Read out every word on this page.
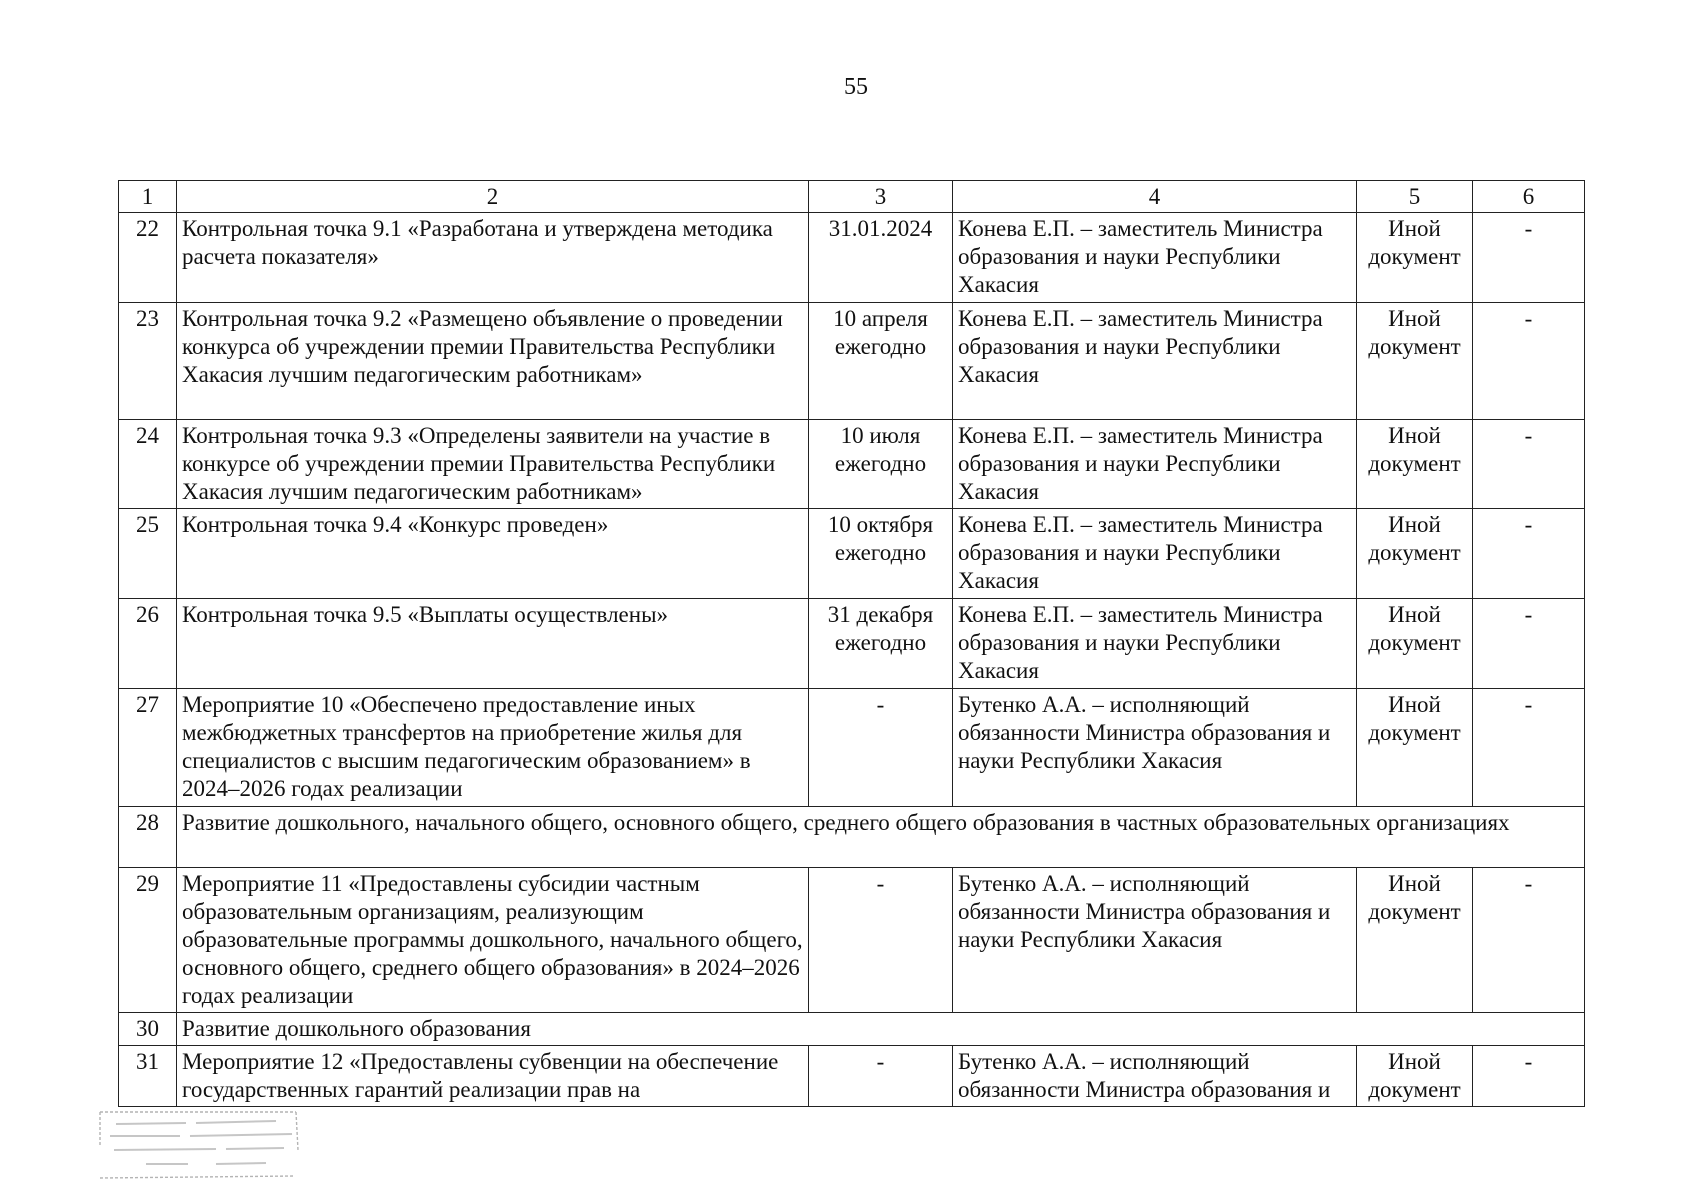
55
1	2	3	4	5	6
22	Контрольная точка 9.1 «Разработана и утверждена методика расчета показателя»	31.01.2024	Конева Е.П. – заместитель Министра образования и науки Республики Хакасия	Иной документ	-
23	Контрольная точка 9.2 «Размещено объявление о проведении конкурса об учреждении премии Правительства Республики Хакасия лучшим педагогическим работникам»	10 апреля ежегодно	Конева Е.П. – заместитель Министра образования и науки Республики Хакасия	Иной документ	-
24	Контрольная точка 9.3 «Определены заявители на участие в конкурсе об учреждении премии Правительства Республики Хакасия лучшим педагогическим работникам»	10 июля ежегодно	Конева Е.П. – заместитель Министра образования и науки Республики Хакасия	Иной документ	-
25	Контрольная точка 9.4 «Конкурс проведен»	10 октября ежегодно	Конева Е.П. – заместитель Министра образования и науки Республики Хакасия	Иной документ	-
26	Контрольная точка 9.5 «Выплаты осуществлены»	31 декабря ежегодно	Конева Е.П. – заместитель Министра образования и науки Республики Хакасия	Иной документ	-
27	Мероприятие 10 «Обеспечено предоставление иных межбюджетных трансфертов на приобретение жилья для специалистов с высшим педагогическим образованием» в 2024–2026 годах реализации	-	Бутенко А.А. – исполняющий обязанности Министра образования и науки Республики Хакасия	Иной документ	-
28	Развитие дошкольного, начального общего, основного общего, среднего общего образования в частных образовательных организациях				
29	Мероприятие 11 «Предоставлены субсидии частным образовательным организациям, реализующим образовательные программы дошкольного, начального общего, основного общего, среднего общего образования» в 2024–2026 годах реализации	-	Бутенко А.А. – исполняющий обязанности Министра образования и науки Республики Хакасия	Иной документ	-
30	Развитие дошкольного образования				
31	Мероприятие 12 «Предоставлены субвенции на обеспечение государственных гарантий реализации прав на	-	Бутенко А.А. – исполняющий обязанности Министра образования и	Иной документ	-
